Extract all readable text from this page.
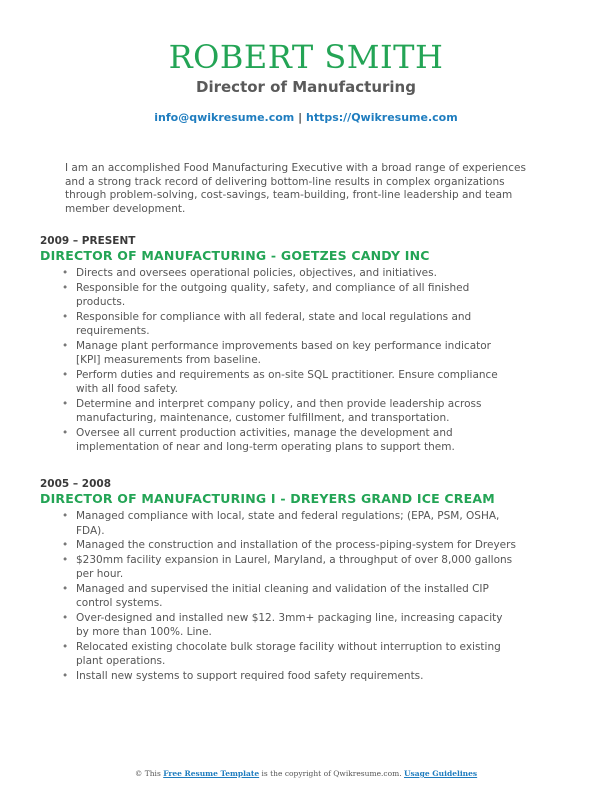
ROBERT SMITH
Director of Manufacturing
info@qwikresume.com | https://Qwikresume.com
I am an accomplished Food Manufacturing Executive with a broad range of experiences and a strong track record of delivering bottom-line results in complex organizations through problem-solving, cost-savings, team-building, front-line leadership and team member development.
2009 – PRESENT
DIRECTOR OF MANUFACTURING - GOETZES CANDY INC
• Directs and oversees operational policies, objectives, and initiatives.
• Responsible for the outgoing quality, safety, and compliance of all finished products.
• Responsible for compliance with all federal, state and local regulations and requirements.
• Manage plant performance improvements based on key performance indicator [KPI] measurements from baseline.
• Perform duties and requirements as on-site SQL practitioner. Ensure compliance with all food safety.
• Determine and interpret company policy, and then provide leadership across manufacturing, maintenance, customer fulfillment, and transportation.
• Oversee all current production activities, manage the development and implementation of near and long-term operating plans to support them.
2005 – 2008
DIRECTOR OF MANUFACTURING I - DREYERS GRAND ICE CREAM
• Managed compliance with local, state and federal regulations; (EPA, PSM, OSHA, FDA).
• Managed the construction and installation of the process-piping-system for Dreyers
• $230mm facility expansion in Laurel, Maryland, a throughput of over 8,000 gallons per hour.
• Managed and supervised the initial cleaning and validation of the installed CIP control systems.
• Over-designed and installed new $12. 3mm+ packaging line, increasing capacity by more than 100%. Line.
• Relocated existing chocolate bulk storage facility without interruption to existing plant operations.
• Install new systems to support required food safety requirements.
© This Free Resume Template is the copyright of Qwikresume.com. Usage Guidelines
